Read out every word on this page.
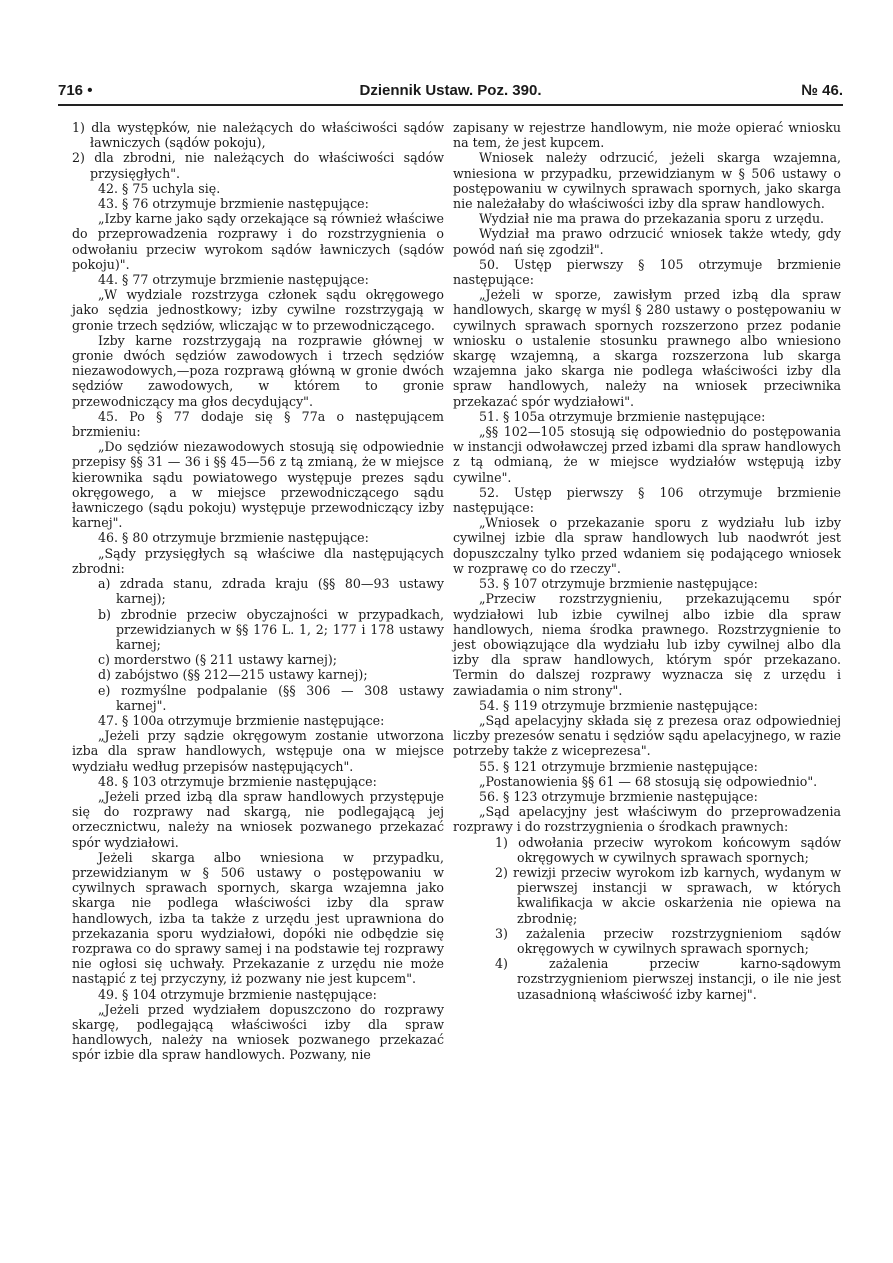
716 •	Dziennik Ustaw. Poz. 390.	№ 46.

1) dla występków, nie należących do właściwości sądów ławniczych (sądów pokoju),

2) dla zbrodni, nie należących do właściwości sądów przysięgłych".

42. § 75 uchyla się.

43. § 76 otrzymuje brzmienie następujące:

„Izby karne jako sądy orzekające są również właściwe do przeprowadzenia rozprawy i do rozstrzygnienia o odwołaniu przeciw wyrokom sądów ławniczych (sądów pokoju)".

44. § 77 otrzymuje brzmienie następujące:

„W wydziale rozstrzyga członek sądu okręgowego jako sędzia jednostkowy; izby cywilne rozstrzygają w gronie trzech sędziów, wliczając w to przewodniczącego.

Izby karne rozstrzygają na rozprawie głównej w gronie dwóch sędziów zawodowych i trzech sędziów niezawodowych,—poza rozprawą główną w gronie dwóch sędziów zawodowych, w którem to gronie przewodniczący ma głos decydujący".

45. Po § 77 dodaje się § 77a o następującem brzmieniu:

„Do sędziów niezawodowych stosują się odpowiednie przepisy §§ 31 — 36 i §§ 45—56 z tą zmianą, że w miejsce kierownika sądu powiatowego występuje prezes sądu okręgowego, a w miejsce przewodniczącego sądu ławniczego (sądu pokoju) występuje przewodniczący izby karnej".

46. § 80 otrzymuje brzmienie następujące:

„Sądy przysięgłych są właściwe dla następujących zbrodni:

a) zdrada stanu, zdrada kraju (§§ 80—93 ustawy karnej);

b) zbrodnie przeciw obyczajności w przypadkach, przewidzianych w §§ 176 L. 1, 2; 177 i 178 ustawy karnej;

c) morderstwo (§ 211 ustawy karnej);

d) zabójstwo (§§ 212—215 ustawy karnej);

e) rozmyślne podpalanie (§§ 306 — 308 ustawy karnej".

47. § 100a otrzymuje brzmienie następujące:

„Jeżeli przy sądzie okręgowym zostanie utworzona izba dla spraw handlowych, wstępuje ona w miejsce wydziału według przepisów następujących".

48. § 103 otrzymuje brzmienie następujące:

„Jeżeli przed izbą dla spraw handlowych przystępuje się do rozprawy nad skargą, nie podlegającą jej orzecznictwu, należy na wniosek pozwanego przekazać spór wydziałowi.

Jeżeli skarga albo wniesiona w przypadku, przewidzianym w § 506 ustawy o postępowaniu w cywilnych sprawach spornych, skarga wzajemna jako skarga nie podlega właściwości izby dla spraw handlowych, izba ta także z urzędu jest uprawniona do przekazania sporu wydziałowi, dopóki nie odbędzie się rozprawa co do sprawy samej i na podstawie tej rozprawy nie ogłosi się uchwały. Przekazanie z urzędu nie może nastąpić z tej przyczyny, iż pozwany nie jest kupcem".

49. § 104 otrzymuje brzmienie następujące:

„Jeżeli przed wydziałem dopuszczono do rozprawy skargę, podlegającą właściwości izby dla spraw handlowych, należy na wniosek pozwanego przekazać spór izbie dla spraw handlowych. Pozwany, nie

zapisany w rejestrze handlowym, nie może opierać wniosku na tem, że jest kupcem.

Wniosek należy odrzucić, jeżeli skarga wzajemna, wniesiona w przypadku, przewidzianym w § 506 ustawy o postępowaniu w cywilnych sprawach spornych, jako skarga nie należałaby do właściwości izby dla spraw handlowych.

Wydział nie ma prawa do przekazania sporu z urzędu.

Wydział ma prawo odrzucić wniosek także wtedy, gdy powód nań się zgodził".

50. Ustęp pierwszy § 105 otrzymuje brzmienie następujące:

„Jeżeli w sporze, zawisłym przed izbą dla spraw handlowych, skargę w myśl § 280 ustawy o postępowaniu w cywilnych sprawach spornych rozszerzono przez podanie wniosku o ustalenie stosunku prawnego albo wniesiono skargę wzajemną, a skarga rozszerzona lub skarga wzajemna jako skarga nie podlega właściwości izby dla spraw handlowych, należy na wniosek przeciwnika przekazać spór wydziałowi".

51. § 105a otrzymuje brzmienie następujące:

„§§ 102—105 stosują się odpowiednio do postępowania w instancji odwoławczej przed izbami dla spraw handlowych z tą odmianą, że w miejsce wydziałów wstępują izby cywilne".

52. Ustęp pierwszy § 106 otrzymuje brzmienie następujące:

„Wniosek o przekazanie sporu z wydziału lub izby cywilnej izbie dla spraw handlowych lub naodwrót jest dopuszczalny tylko przed wdaniem się podającego wniosek w rozprawę co do rzeczy".

53. § 107 otrzymuje brzmienie następujące:

„Przeciw rozstrzygnieniu, przekazującemu spór wydziałowi lub izbie cywilnej albo izbie dla spraw handlowych, niema środka prawnego. Rozstrzygnienie to jest obowiązujące dla wydziału lub izby cywilnej albo dla izby dla spraw handlowych, którym spór przekazano. Termin do dalszej rozprawy wyznacza się z urzędu i zawiadamia o nim strony".

54. § 119 otrzymuje brzmienie następujące:

„Sąd apelacyjny składa się z prezesa oraz odpowiedniej liczby prezesów senatu i sędziów sądu apelacyjnego, w razie potrzeby także z wiceprezesa".

55. § 121 otrzymuje brzmienie następujące:

„Postanowienia §§ 61 — 68 stosują się odpowiednio".

56. § 123 otrzymuje brzmienie następujące:

„Sąd apelacyjny jest właściwym do przeprowadzenia rozprawy i do rozstrzygnienia o środkach prawnych:

1) odwołania przeciw wyrokom końcowym sądów okręgowych w cywilnych sprawach spornych;

2) rewizji przeciw wyrokom izb karnych, wydanym w pierwszej instancji w sprawach, w których kwalifikacja w akcie oskarżenia nie opiewa na zbrodnię;

3) zażalenia przeciw rozstrzygnieniom sądów okręgowych w cywilnych sprawach spornych;

4) zażalenia przeciw karno-sądowym rozstrzygnieniom pierwszej instancji, o ile nie jest uzasadnioną właściwość izby karnej".
